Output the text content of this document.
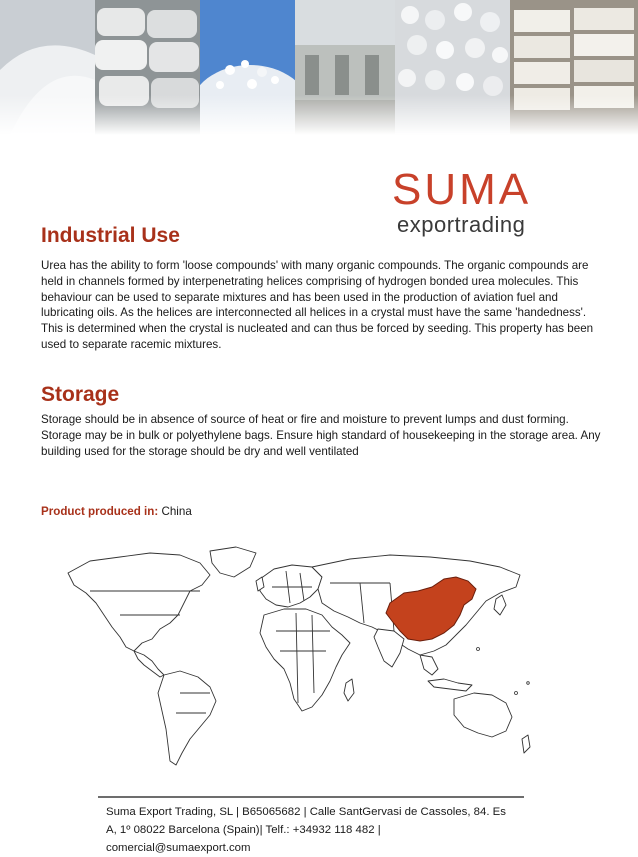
SUMA
exportrading
Industrial Use

Urea has the ability to form 'loose compounds' with many organic compounds. The organic compounds are held in channels formed by interpenetrating helices comprising of hydrogen bonded urea molecules. This behaviour can be used to separate mixtures and has been used in the production of aviation fuel and lubricating oils. As the helices are interconnected all helices in a crystal must have the same 'handedness'. This is determined when the crystal is nucleated and can thus be forced by seeding. This property has been used to separate racemic mixtures.

Storage

Storage should be in absence of source of heat or fire and moisture to prevent lumps and dust forming. Storage may be in bulk or polyethylene bags. Ensure high standard of housekeeping in the storage area. Any building used for the storage should be dry and well ventilated

Product produced in: China
Suma Export Trading, SL | B65065682 | Calle SantGervasi de Cassoles, 84. Es
A, 1º 08022 Barcelona (Spain)| Telf.: +34932 118 482 |
comercial@sumaexport.com
